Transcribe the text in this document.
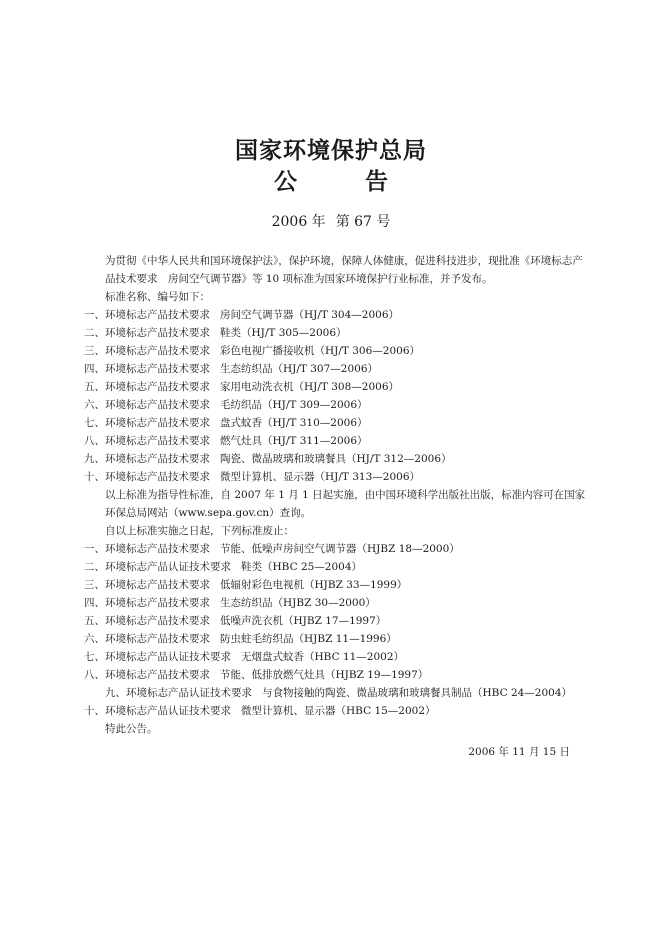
国家环境保护总局
公	告
2006 年 第 67 号

为贯彻《中华人民共和国环境保护法》，保护环境，保障人体健康，促进科技进步，现批准《环境标志产品技术要求　房间空气调节器》等 10 项标准为国家环境保护行业标准，并予发布。

标准名称、编号如下：

一、环境标志产品技术要求 房间空气调节器（HJ/T 304—2006）

二、环境标志产品技术要求 鞋类（HJ/T 305—2006）

三、环境标志产品技术要求 彩色电视广播接收机（HJ/T 306—2006）

四、环境标志产品技术要求 生态纺织品（HJ/T 307—2006）

五、环境标志产品技术要求 家用电动洗衣机（HJ/T 308—2006）

六、环境标志产品技术要求 毛纺织品（HJ/T 309—2006）

七、环境标志产品技术要求 盘式蚊香（HJ/T 310—2006）

八、环境标志产品技术要求 燃气灶具（HJ/T 311—2006）

九、环境标志产品技术要求 陶瓷、微晶玻璃和玻璃餐具（HJ/T 312—2006）

十、环境标志产品技术要求 微型计算机、显示器（HJ/T 313—2006）

以上标准为指导性标准，自 2007 年 1 月 1 日起实施，由中国环境科学出版社出版，标准内容可在国家环保总局网站（www.sepa.gov.cn）查询。

自以上标准实施之日起，下列标准废止：

一、环境标志产品技术要求 节能、低噪声房间空气调节器（HJBZ 18—2000）

二、环境标志产品认证技术要求 鞋类（HBC 25—2004）

三、环境标志产品技术要求 低辐射彩色电视机（HJBZ 33—1999）

四、环境标志产品技术要求 生态纺织品（HJBZ 30—2000）

五、环境标志产品技术要求 低噪声洗衣机（HJBZ 17—1997）

六、环境标志产品技术要求 防虫蛀毛纺织品（HJBZ 11—1996）

七、环境标志产品认证技术要求 无烟盘式蚊香（HBC 11—2002）

八、环境标志产品技术要求 节能、低排放燃气灶具（HJBZ 19—1997）

九、环境标志产品认证技术要求 与食物接触的陶瓷、微晶玻璃和玻璃餐具制品（HBC 24—2004）

十、环境标志产品认证技术要求 微型计算机、显示器（HBC 15—2002）

特此公告。

2006 年 11 月 15 日
